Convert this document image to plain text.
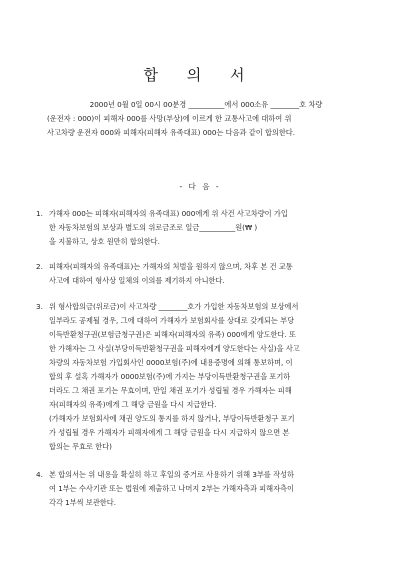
합 의 서
2000년 0월 0일 00시 00분경 __________에서 000소유 ________호 차량
(운전자 : 000)이 피해자 000를 사망(부상)에 이르게 한 교통사고에 대하여 위
사고차량 운전자 000와 피해자(피해자 유족대표) 000는 다음과 같이 합의한다.
- 다 음 -
1. 가해자 000는 피해자(피해자의 유족대표) 000에게 위 사건 사고차량이 가입
한 자동차보험의 보상과 별도의 위로금조로 일금__________원(₩ )
을 지불하고, 상호 원만히 합의한다.
2. 피해자(피해자의 유족대표)는 가해자의 처벌을 원하지 않으며, 차후 본 건 교통
사고에 대하여 형사상 일체의 이의를 제기하지 아니한다.
3. 위 형사합의금(위로금)이 사고차량 ________호가 가입한 자동차보험의 보상에서
일부라도 공제될 경우, 그에 대하여 가해자가 보험회사를 상대로 갖게되는 부당
이득반환청구권(보험금청구권)은 피해자(피해자의 유족) 000에게 양도한다. 또
한 가해자는 그 사실(부당이득반환청구권을 피해자에게 양도한다는 사실)을 사고
차량의 자동차보험 가입회사인 0000보험(주)에 내용증명에 의해 통보하며, 이
합의 후 설혹 가해자가 0000보험(주)에 가지는 부당이득반환청구권을 포기하
더라도 그 채권 포기는 무효이며, 만일 채권 포기가 성립될 경우 가해자는 피해
자(피해자의 유족)에게 그 해당 금원을 다시 지급한다.
(가해자가 보험회사에 채권 양도의 통지를 하지 않거나, 부당이득반환청구 포기
가 성립될 경우 가해자가 피해자에게 그 해당 금원을 다시 지급하지 않으면 본
합의는 무효로 한다)
4. 본 합의서는 위 내용을 확실히 하고 후일의 증거로 사용하기 위해 3부를 작성하
여 1부는 수사기관 또는 법원에 제출하고 나머지 2부는 가해자측과 피해자측이
각각 1부씩 보관한다.
